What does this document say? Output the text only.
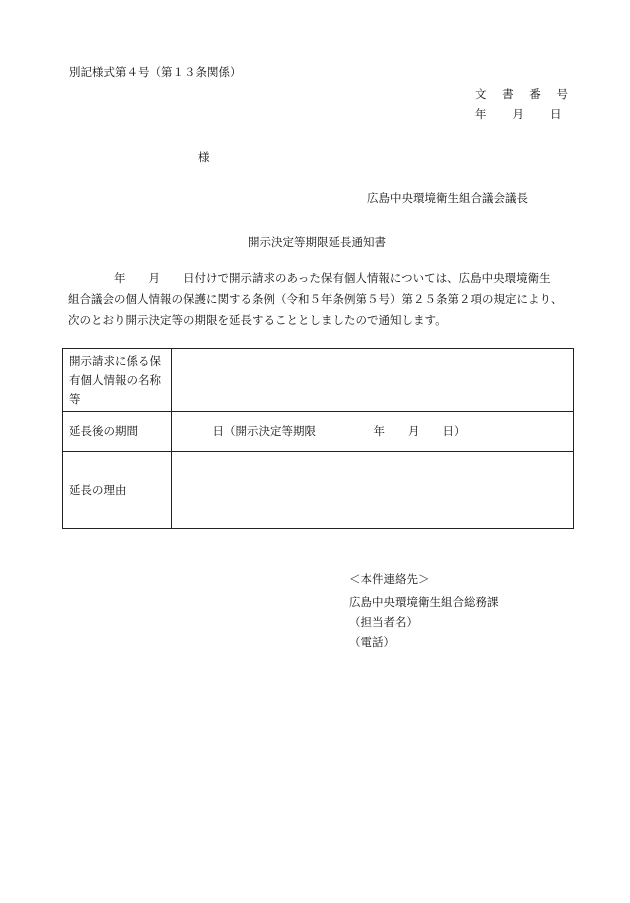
別記様式第４号（第１３条関係）
文 書 番 号
年 月 日
様
広島中央環境衛生組合議会議長
開示決定等期限延長通知書

　　　　年　　月　　日付けで開示請求のあった保有個人情報については、広島中央環境衛生

組合議会の個人情報の保護に関する条例（令和５年条例第５号）第２５条第２項の規定により、

次のとおり開示決定等の期限を延長することとしましたので通知します。

開示請求に係る保
有個人情報の名称
等	

延長後の期間	　　　日（開示決定等期限　　　　　年　　月　　日）
延長の理由	
＜本件連絡先＞
広島中央環境衛生組合総務課
（担当者名）
（電話）
